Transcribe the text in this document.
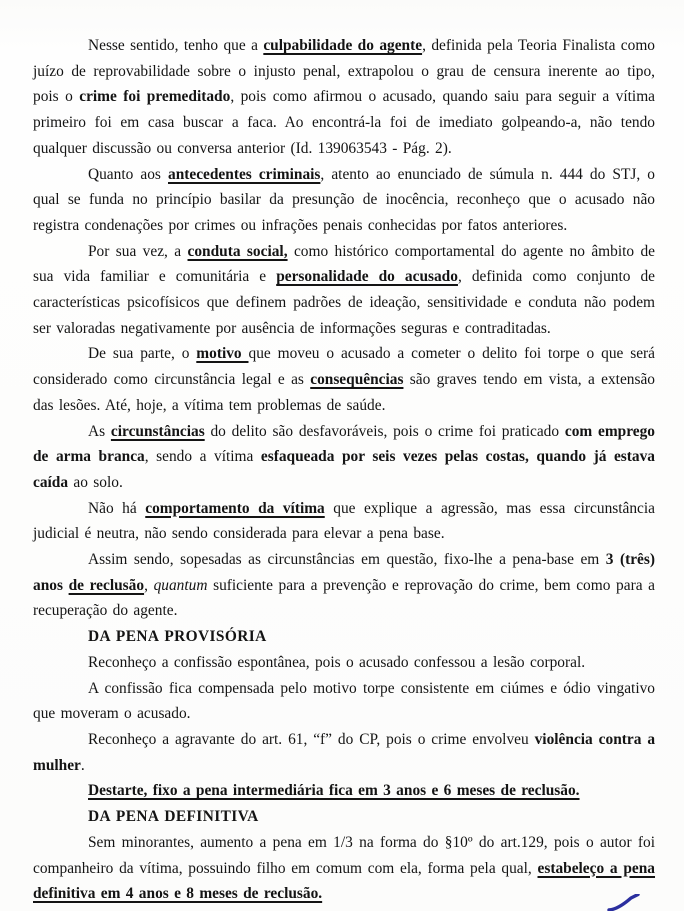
Nesse sentido, tenho que a culpabilidade do agente, definida pela Teoria Finalista como juízo de reprovabilidade sobre o injusto penal, extrapolou o grau de censura inerente ao tipo, pois o crime foi premeditado, pois como afirmou o acusado, quando saiu para seguir a vítima primeiro foi em casa buscar a faca. Ao encontrá-la foi de imediato golpeando-a, não tendo qualquer discussão ou conversa anterior (Id. 139063543 - Pág. 2).

Quanto aos antecedentes criminais, atento ao enunciado de súmula n. 444 do STJ, o qual se funda no princípio basilar da presunção de inocência, reconheço que o acusado não registra condenações por crimes ou infrações penais conhecidas por fatos anteriores.

Por sua vez, a conduta social, como histórico comportamental do agente no âmbito de sua vida familiar e comunitária e personalidade do acusado, definida como conjunto de características psicofísicos que definem padrões de ideação, sensitividade e conduta não podem ser valoradas negativamente por ausência de informações seguras e contraditadas.

De sua parte, o motivo que moveu o acusado a cometer o delito foi torpe o que será considerado como circunstância legal e as consequências são graves tendo em vista, a extensão das lesões. Até, hoje, a vítima tem problemas de saúde.

As circunstâncias do delito são desfavoráveis, pois o crime foi praticado com emprego de arma branca, sendo a vítima esfaqueada por seis vezes pelas costas, quando já estava caída ao solo.

Não há comportamento da vítima que explique a agressão, mas essa circunstância judicial é neutra, não sendo considerada para elevar a pena base.

Assim sendo, sopesadas as circunstâncias em questão, fixo-lhe a pena-base em 3 (três) anos de reclusão, quantum suficiente para a prevenção e reprovação do crime, bem como para a recuperação do agente.

DA PENA PROVISÓRIA

Reconheço a confissão espontânea, pois o acusado confessou a lesão corporal.

A confissão fica compensada pelo motivo torpe consistente em ciúmes e ódio vingativo que moveram o acusado.

Reconheço a agravante do art. 61, “f” do CP, pois o crime envolveu violência contra a mulher.

Destarte, fixo a pena intermediária fica em 3 anos e 6 meses de reclusão.

DA PENA DEFINITIVA

Sem minorantes, aumento a pena em 1/3 na forma do §10º do art.129, pois o autor foi companheiro da vítima, possuindo filho em comum com ela, forma pela qual, estabeleço a pena definitiva em 4 anos e 8 meses de reclusão.
